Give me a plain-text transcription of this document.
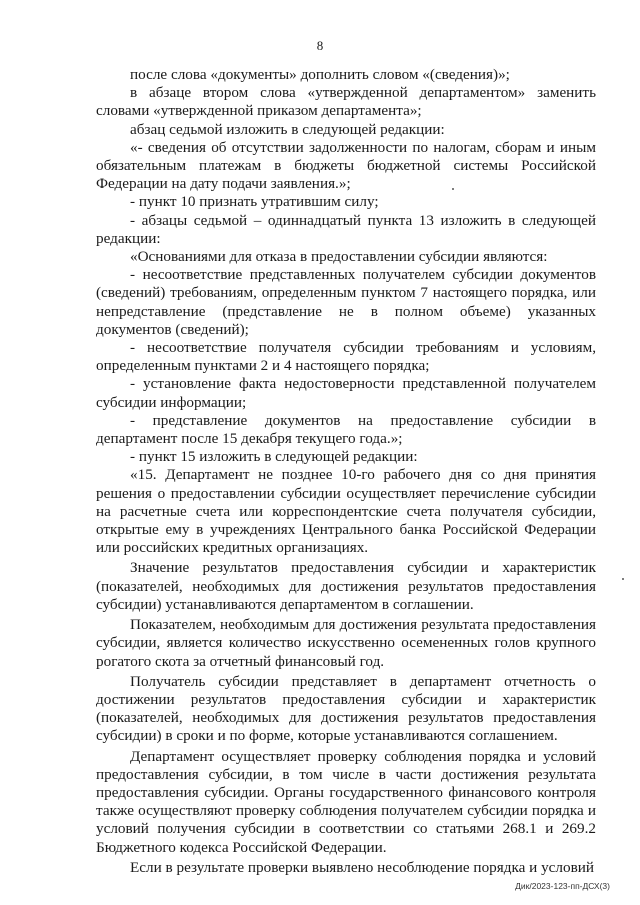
8

после слова «документы» дополнить словом «(сведения)»;

в абзаце втором слова «утвержденной департаментом» заменить словами «утвержденной приказом департамента»;

абзац седьмой изложить в следующей редакции:

«- сведения об отсутствии задолженности по налогам, сборам и иным обязательным платежам в бюджеты бюджетной системы Российской Федерации на дату подачи заявления.»;

- пункт 10 признать утратившим силу;

- абзацы седьмой – одиннадцатый пункта 13 изложить в следующей редакции:

«Основаниями для отказа в предоставлении субсидии являются:

- несоответствие представленных получателем субсидии документов (сведений) требованиям, определенным пунктом 7 настоящего порядка, или непредставление (представление не в полном объеме) указанных документов (сведений);

- несоответствие получателя субсидии требованиям и условиям, определенным пунктами 2 и 4 настоящего порядка;

- установление факта недостоверности представленной получателем субсидии информации;

- представление документов на предоставление субсидии в департамент после 15 декабря текущего года.»;

- пункт 15 изложить в следующей редакции:

«15. Департамент не позднее 10-го рабочего дня со дня принятия решения о предоставлении субсидии осуществляет перечисление субсидии на расчетные счета или корреспондентские счета получателя субсидии, открытые ему в учреждениях Центрального банка Российской Федерации или российских кредитных организациях.

Значение результатов предоставления субсидии и характеристик (показателей, необходимых для достижения результатов предоставления субсидии) устанавливаются департаментом в соглашении.

Показателем, необходимым для достижения результата предоставления субсидии, является количество искусственно осемененных голов крупного рогатого скота за отчетный финансовый год.

Получатель субсидии представляет в департамент отчетность о достижении результатов предоставления субсидии и характеристик (показателей, необходимых для достижения результатов предоставления субсидии) в сроки и по форме, которые устанавливаются соглашением.

Департамент осуществляет проверку соблюдения порядка и условий предоставления субсидии, в том числе в части достижения результата предоставления субсидии. Органы государственного финансового контроля также осуществляют проверку соблюдения получателем субсидии порядка и условий получения субсидии в соответствии со статьями 268.1 и 269.2 Бюджетного кодекса Российской Федерации.

Если в результате проверки выявлено несоблюдение порядка и условий

Дик/2023-123-пп-ДСХ(3)
